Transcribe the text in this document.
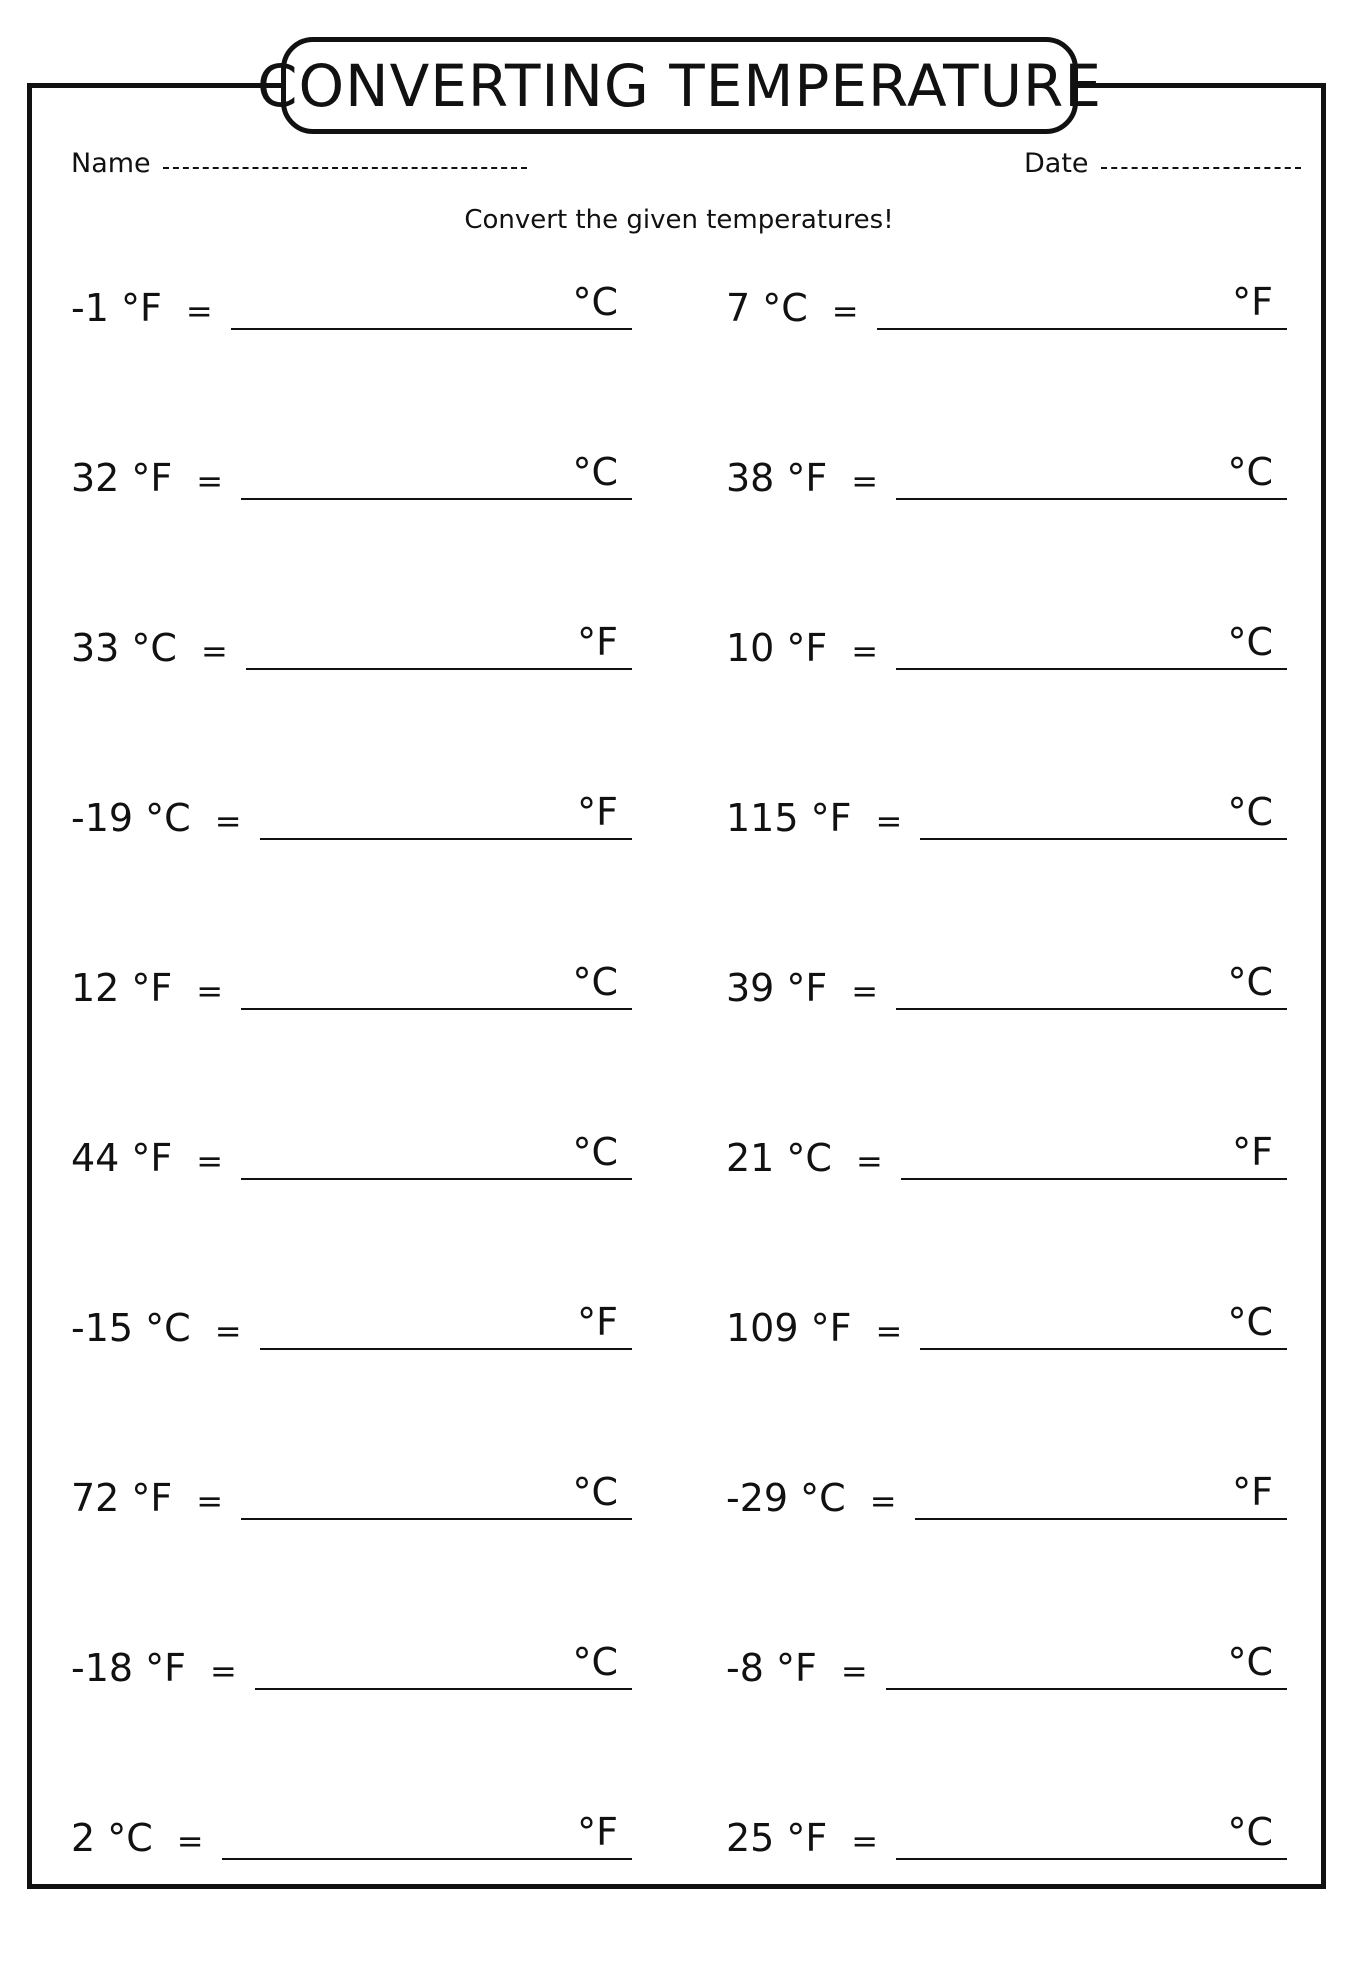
CONVERTING TEMPERATURE
Name	Date
Convert the given temperatures!
-1 °F =	°C	7 °C =	°F
32 °F =	°C	38 °F =	°C
33 °C =	°F	10 °F =	°C
-19 °C =	°F	115 °F =	°C
12 °F =	°C	39 °F =	°C
44 °F =	°C	21 °C =	°F
-15 °C =	°F	109 °F =	°C
72 °F =	°C	-29 °C =	°F
-18 °F =	°C	-8 °F =	°C
2 °C =	°F	25 °F =	°C
